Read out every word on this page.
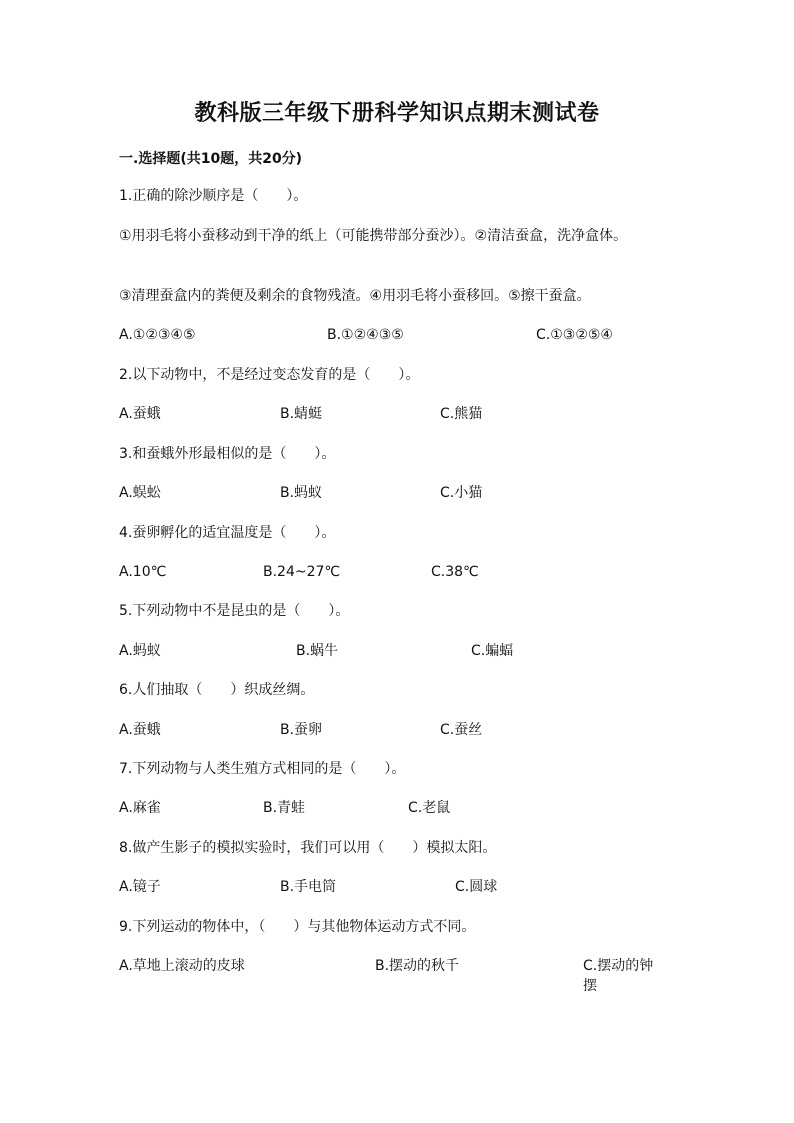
教科版三年级下册科学知识点期末测试卷
一.选择题(共10题，共20分)
1.正确的除沙顺序是（　　）。
①用羽毛将小蚕移动到干净的纸上（可能携带部分蚕沙）。②清洁蚕盒，洗净盒体。
③清理蚕盒内的粪便及剩余的食物残渣。④用羽毛将小蚕移回。⑤擦干蚕盒。
A.①②③④⑤	B.①②④③⑤	C.①③②⑤④
2.以下动物中，不是经过变态发育的是（　　）。
A.蚕蛾	B.蜻蜓	C.熊猫
3.和蚕蛾外形最相似的是（　　）。
A.蜈蚣	B.蚂蚁	C.小猫
4.蚕卵孵化的适宜温度是（　　）。
A.10℃	B.24~27℃	C.38℃
5.下列动物中不是昆虫的是（　　）。
A.蚂蚁	B.蜗牛	C.蝙蝠
6.人们抽取（　　）织成丝绸。
A.蚕蛾	B.蚕卵	C.蚕丝
7.下列动物与人类生殖方式相同的是（　　）。
A.麻雀	B.青蛙	C.老鼠
8.做产生影子的模拟实验时，我们可以用（　　）模拟太阳。
A.镜子	B.手电筒	C.圆球
9.下列运动的物体中，（　　）与其他物体运动方式不同。
A.草地上滚动的皮球	B.摆动的秋千	C.摆动的钟摆
